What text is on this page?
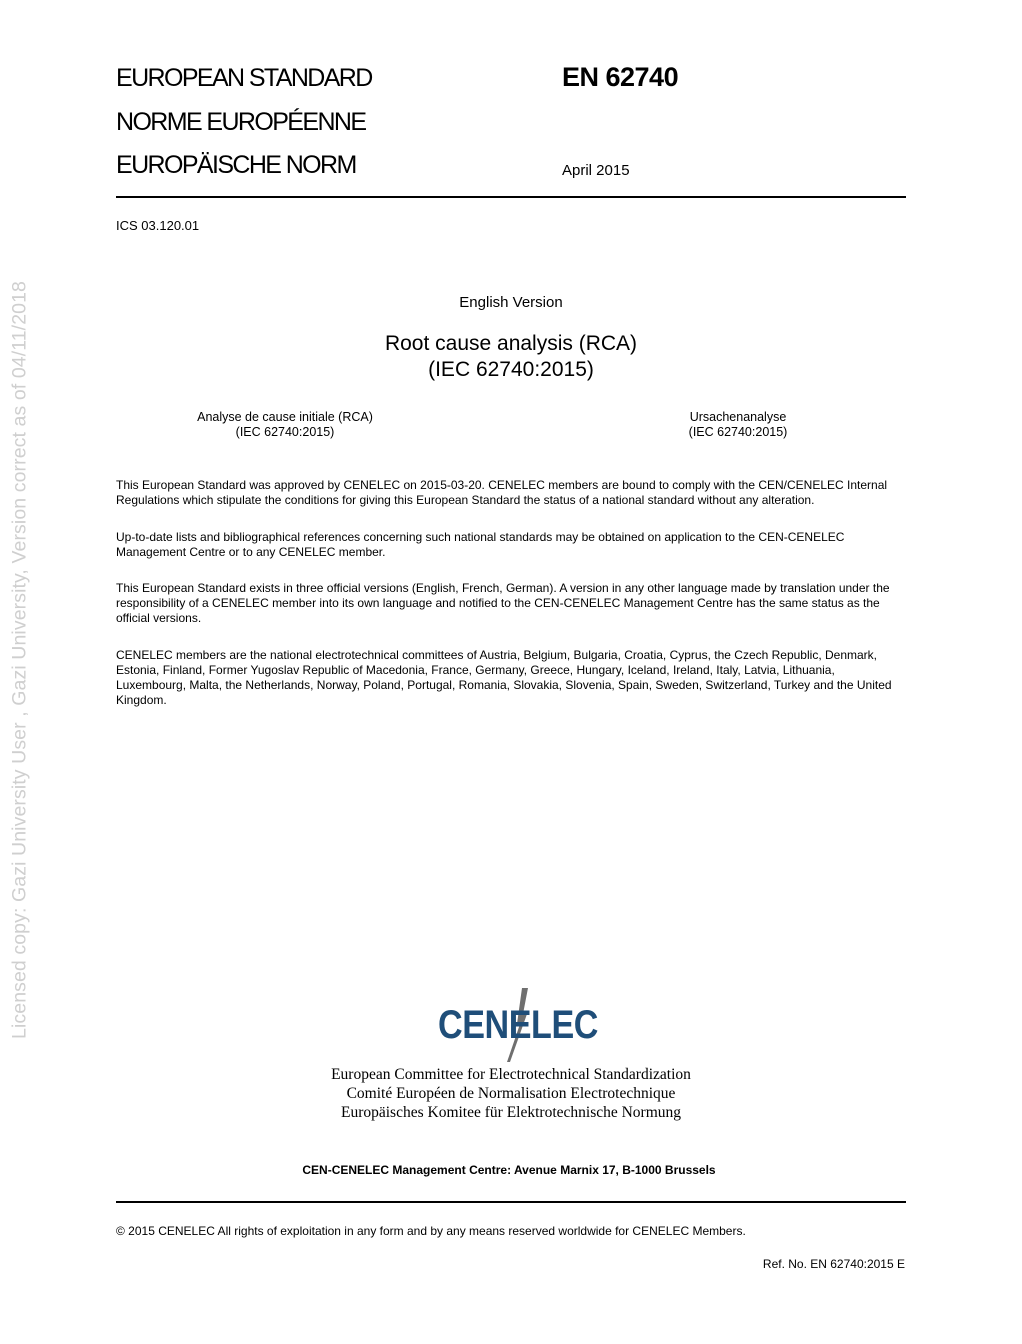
EUROPEAN STANDARD
NORME EUROPÉENNE
EUROPÄISCHE NORM
EN 62740
April 2015
ICS 03.120.01
English Version
Root cause analysis (RCA)
(IEC 62740:2015)
Analyse de cause initiale (RCA)
(IEC 62740:2015)
Ursachenanalyse
(IEC 62740:2015)
This European Standard was approved by CENELEC on 2015-03-20. CENELEC members are bound to comply with the CEN/CENELEC Internal Regulations which stipulate the conditions for giving this European Standard the status of a national standard without any alteration.
Up-to-date lists and bibliographical references concerning such national standards may be obtained on application to the CEN-CENELEC Management Centre or to any CENELEC member.
This European Standard exists in three official versions (English, French, German). A version in any other language made by translation under the responsibility of a CENELEC member into its own language and notified to the CEN-CENELEC Management Centre has the same status as the official versions.
CENELEC members are the national electrotechnical committees of Austria, Belgium, Bulgaria, Croatia, Cyprus, the Czech Republic, Denmark, Estonia, Finland, Former Yugoslav Republic of Macedonia, France, Germany, Greece, Hungary, Iceland, Ireland, Italy, Latvia, Lithuania, Luxembourg, Malta, the Netherlands, Norway, Poland, Portugal, Romania, Slovakia, Slovenia, Spain, Sweden, Switzerland, Turkey and the United Kingdom.
Licensed copy: Gazi University User , Gazi University, Version correct as of 04/11/2018	CENELEC
European Committee for Electrotechnical Standardization
Comité Européen de Normalisation Electrotechnique
Europäisches Komitee für Elektrotechnische Normung
CEN-CENELEC Management Centre: Avenue Marnix 17, B-1000 Brussels
© 2015 CENELEC All rights of exploitation in any form and by any means reserved worldwide for CENELEC Members.
Ref. No. EN 62740:2015 E
